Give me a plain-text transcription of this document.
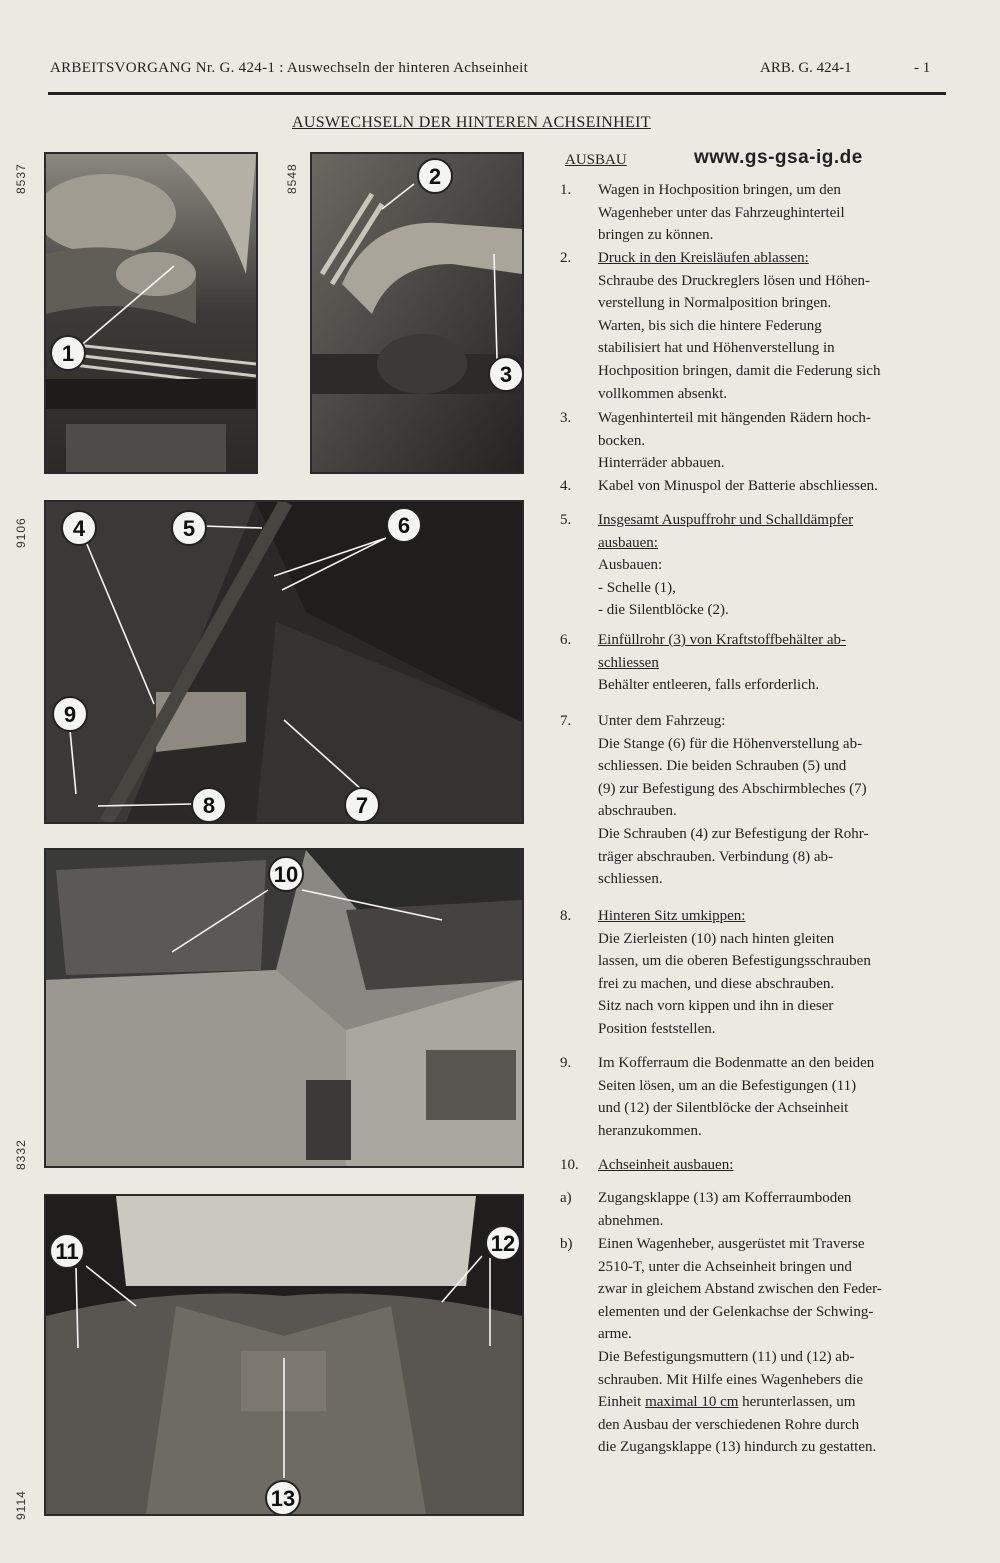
ARBEITSVORGANG Nr. G. 424-1 : Auswechseln der hinteren Achseinheit	ARB. G. 424-1	- 1
AUSWECHSELN DER HINTEREN ACHSEINHEIT
8537
1
8548	2
3
9106 4	5	6
9
8	7
8332
10
9114
11	12
13
AUSBAU	www.gs-gsa-ig.de
1. Wagen in Hochposition bringen, um den
Wagenheber unter das Fahrzeughinterteil
bringen zu können.
2. Druck in den Kreisläufen ablassen:
Schraube des Druckreglers lösen und Höhen-
verstellung in Normalposition bringen.
Warten, bis sich die hintere Federung
stabilisiert hat und Höhenverstellung in
Hochposition bringen, damit die Federung sich
vollkommen absenkt.
3. Wagenhinterteil mit hängenden Rädern hoch-
bocken.
Hinterräder abbauen.
4. Kabel von Minuspol der Batterie abschliessen.
5. Insgesamt Auspuffrohr und Schalldämpfer
ausbauen:
Ausbauen:
- Schelle (1),
- die Silentblöcke (2).
6. Einfüllrohr (3) von Kraftstoffbehälter ab-
schliessen
Behälter entleeren, falls erforderlich.
7. Unter dem Fahrzeug:
Die Stange (6) für die Höhenverstellung ab-
schliessen. Die beiden Schrauben (5) und
(9) zur Befestigung des Abschirmbleches (7)
abschrauben.
Die Schrauben (4) zur Befestigung der Rohr-
träger abschrauben. Verbindung (8) ab-
schliessen.
8. Hinteren Sitz umkippen:
Die Zierleisten (10) nach hinten gleiten
lassen, um die oberen Befestigungsschrauben
frei zu machen, und diese abschrauben.
Sitz nach vorn kippen und ihn in dieser
Position feststellen.
9. Im Kofferraum die Bodenmatte an den beiden
Seiten lösen, um an die Befestigungen (11)
und (12) der Silentblöcke der Achseinheit
heranzukommen.
10. Achseinheit ausbauen:
a) Zugangsklappe (13) am Kofferraumboden
abnehmen.
b) Einen Wagenheber, ausgerüstet mit Traverse
2510-T, unter die Achseinheit bringen und
zwar in gleichem Abstand zwischen den Feder-
elementen und der Gelenkachse der Schwing-
arme.
Die Befestigungsmuttern (11) und (12) ab-
schrauben. Mit Hilfe eines Wagenhebers die
Einheit maximal 10 cm herunterlassen, um
den Ausbau der verschiedenen Rohre durch
die Zugangsklappe (13) hindurch zu gestatten.
